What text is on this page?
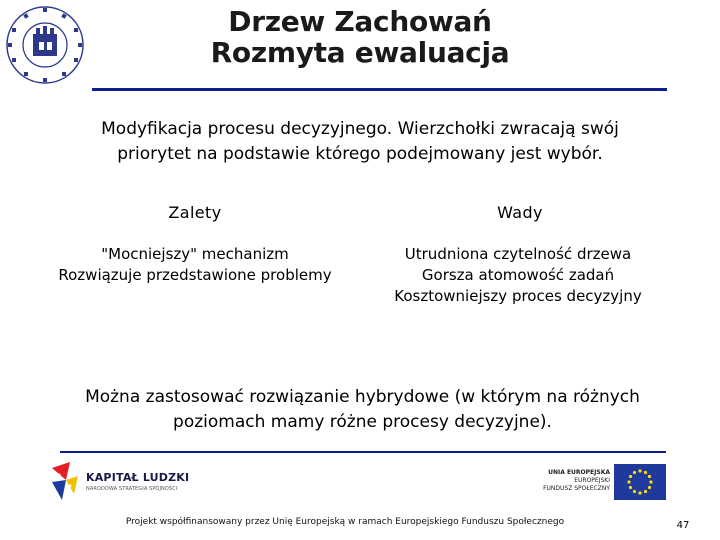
Drzew Zachowań
Rozmyta ewaluacja
Modyfikacja procesu decyzyjnego. Wierzchołki zwracają swój
priorytet na podstawie którego podejmowany jest wybór.
Zalety
"Mocniejszy" mechanizm
Rozwiązuje przedstawione problemy
Wady
Utrudniona czytelność drzewa
Gorsza atomowość zadań
Kosztowniejszy proces decyzyjny
Można zastosować rozwiązanie hybrydowe (w którym na różnych
poziomach mamy różne procesy decyzyjne).
KAPITAŁ LUDZKI
NARODOWA STRATEGIA SPÓJNOŚCI
UNIA EUROPEJSKA
EUROPEJSKI
FUNDUSZ SPOŁECZNY
Projekt współfinansowany przez Unię Europejską w ramach Europejskiego Funduszu Społecznego	47
